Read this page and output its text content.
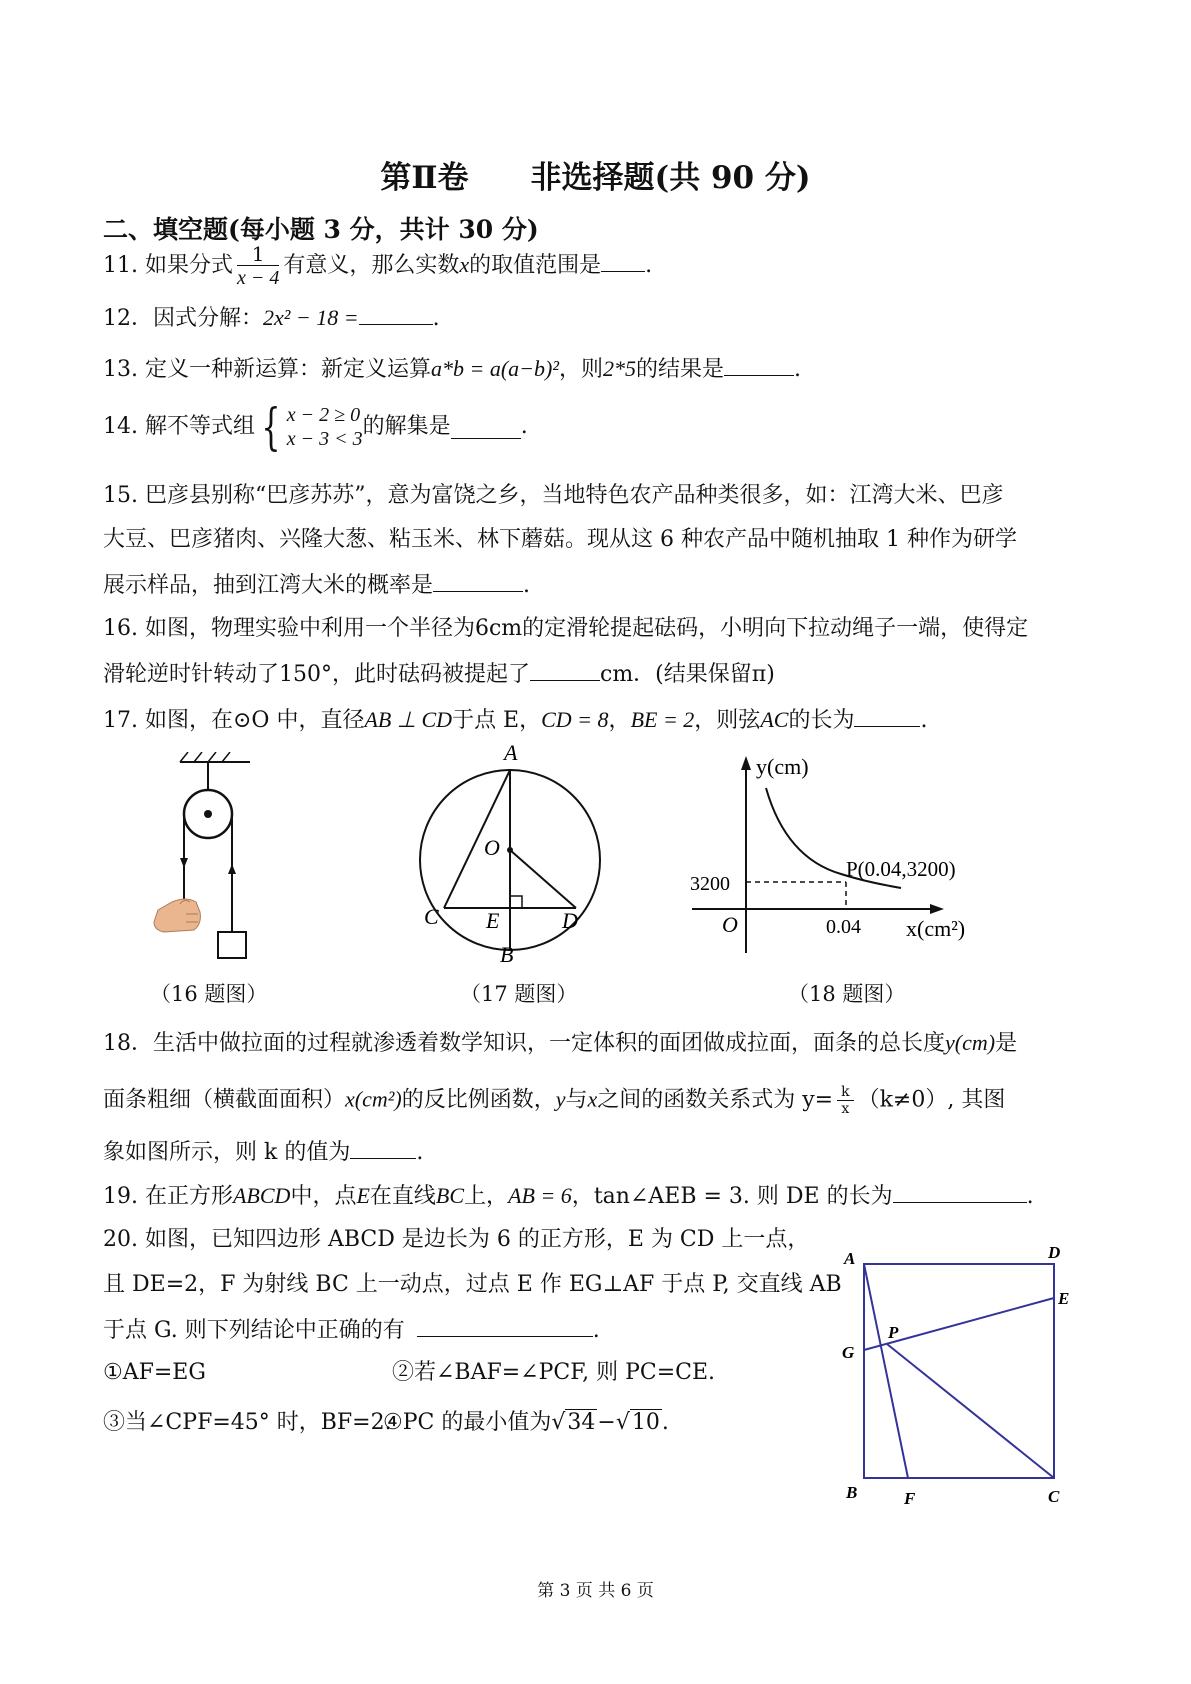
第Ⅱ卷　　非选择题(共 90 分)
二、填空题(每小题 3 分，共计 30 分)
11. 如果分式 $\frac{1}{x - 4}$ 有意义，那么实数x的取值范围是 .
12．因式分解：2x² − 18 =	.
13. 定义一种新运算：新定义运算a*b = a(a−b)²，则2*5的结果是	.
14. 解不等式组 { x − 2 ≥ 0
x − 3 < 3 的解集是	.
15. 巴彦县别称“巴彦苏苏”，意为富饶之乡，当地特色农产品种类很多，如：江湾大米、巴彦
大豆、巴彦猪肉、兴隆大葱、粘玉米、林下蘑菇。现从这 6 种农产品中随机抽取 1 种作为研学
展示样品，抽到江湾大米的概率是	.
16. 如图，物理实验中利用一个半径为6cm的定滑轮提起砝码，小明向下拉动绳子一端，使得定
滑轮逆时针转动了150°，此时砝码被提起了	cm．(结果保留π)
17. 如图，在⊙O 中，直径AB ⊥ CD于点 E，CD = 8，BE = 2，则弦AC的长为	.
（16 题图）
A
O
C E	D
B
（17 题图）
y(cm)
P(0.04,3200)
3200
O	0.04 x(cm²)
（18 题图）
18．生活中做拉面的过程就渗透着数学知识，一定体积的面团做成拉面，面条的总长度y(cm)是
面条粗细（横截面面积）x(cm²)的反比例函数，y与x之间的函数关系式为 $y= \frac{k}{x} (k\ne 0)$, 其图
象如图所示，则 k 的值为	.
19. 在正方形ABCD中，点E在直线BC上，AB = 6，tan∠AEB = 3. 则 DE 的长为	.
20. 如图，已知四边形 ABCD 是边长为 6 的正方形，E 为 CD 上一点，
且 DE=2，F 为射线 BC 上一动点，过点 E 作 EG⊥AF 于点 P, 交直线 AB
于点 G. 则下列结论中正确的有	.
①AF=EG	②若∠BAF=∠PCF, 则 PC=CE.
③当∠CPF=45° 时，BF=2.
④PC 的最小值为√34−√10.
A	D
E
G
P
B	F	C
第 3 页 共 6 页
